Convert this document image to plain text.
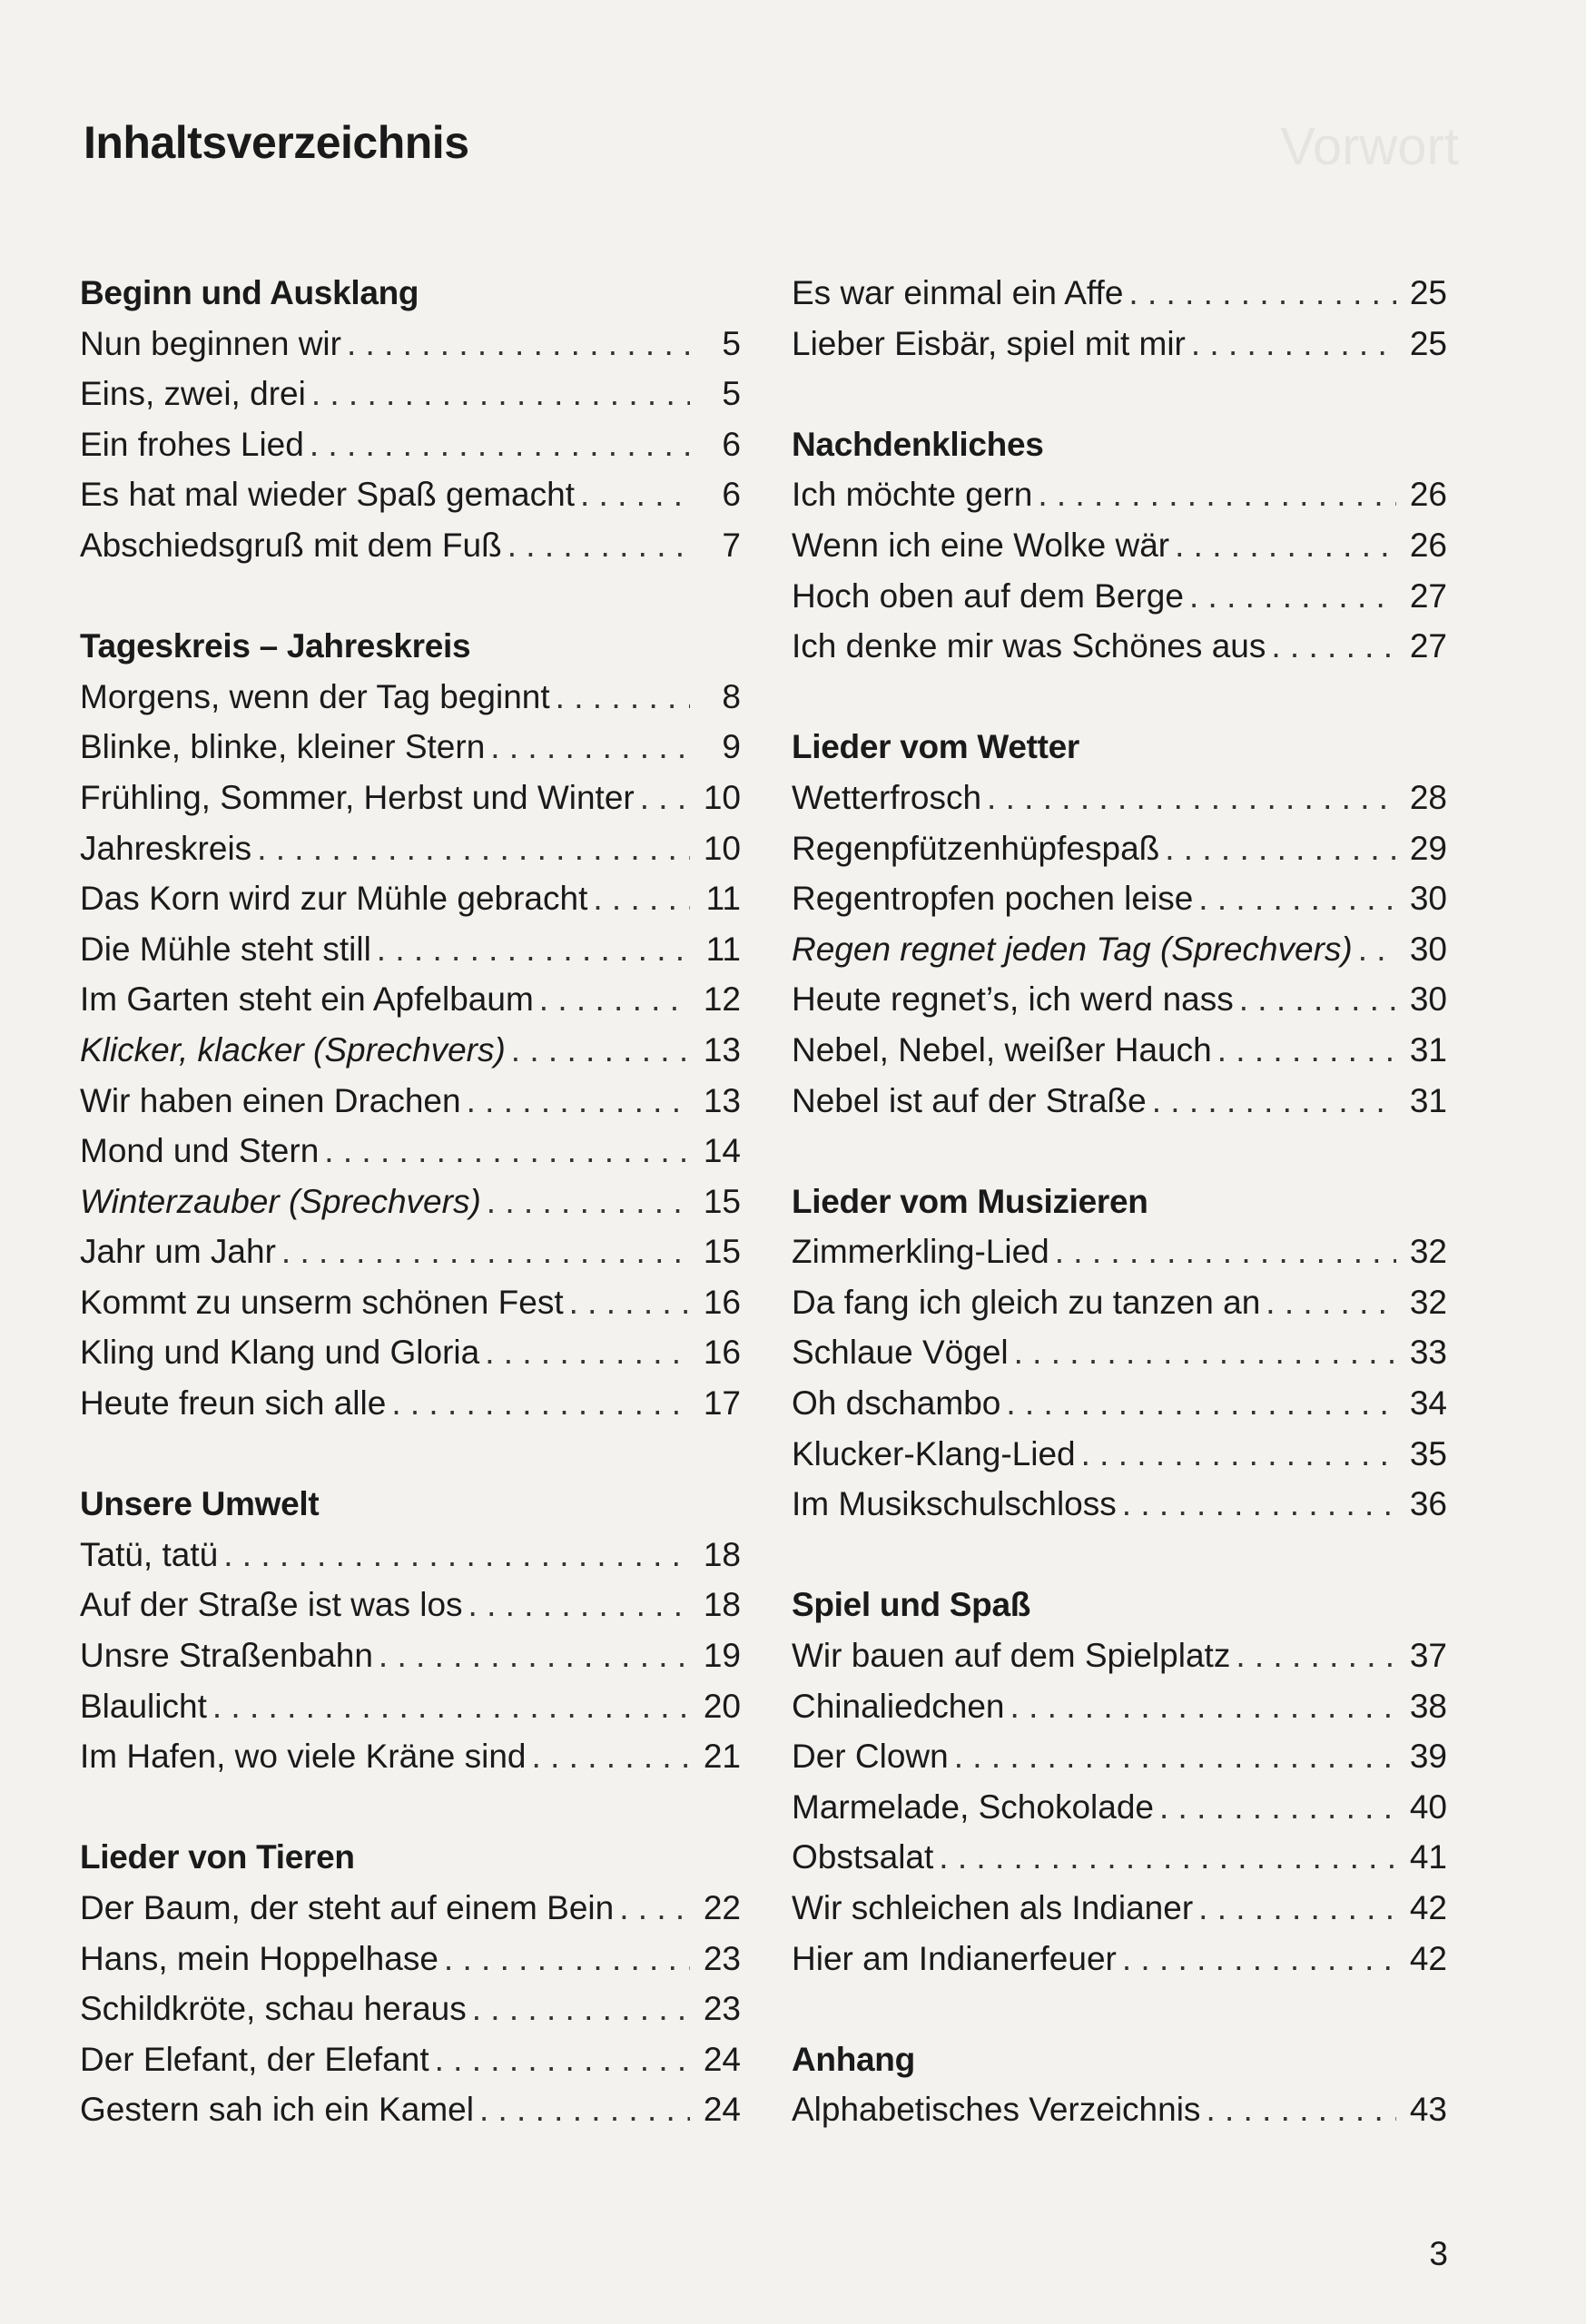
Vorwort
Inhaltsverzeichnis
Beginn und Ausklang
Nun beginnen wir . . .	5
Eins, zwei, drei . . .	5
Ein frohes Lied . . .	6
Es hat mal wieder Spaß gemacht . . .	6
Abschiedsgruß mit dem Fuß . . .	7
Tageskreis – Jahreskreis
Morgens, wenn der Tag beginnt . . .	8
Blinke, blinke, kleiner Stern . . .	9
Frühling, Sommer, Herbst und Winter . . . 10
Jahreskreis . . .	10
Das Korn wird zur Mühle gebracht . . .	11
Die Mühle steht still . . .	11
Im Garten steht ein Apfelbaum . . .	12
Klicker, klacker (Sprechvers) . . .	13
Wir haben einen Drachen . . .	13
Mond und Stern . . .	14
Winterzauber (Sprechvers) . . .	15
Jahr um Jahr . . .	15
Kommt zu unserm schönen Fest . . .	16
Kling und Klang und Gloria . . .	16
Heute freun sich alle . . .	17
Unsere Umwelt
Tatü, tatü . . .	18
Auf der Straße ist was los . . .	18
Unsre Straßenbahn . . .	19
Blaulicht . . .	20
Im Hafen, wo viele Kräne sind . . .	21
Lieder von Tieren
Der Baum, der steht auf einem Bein . . .	22
Hans, mein Hoppelhase . . .	23
Schildkröte, schau heraus . . .	23
Der Elefant, der Elefant . . .	24
Gestern sah ich ein Kamel . . .	24
Es war einmal ein Affe . . .	25
Lieber Eisbär, spiel mit mir . . .	25
Nachdenkliches
Ich möchte gern . . .	26
Wenn ich eine Wolke wär . . .	26
Hoch oben auf dem Berge . . .	27
Ich denke mir was Schönes aus . . .	27
Lieder vom Wetter
Wetterfrosch . . .	28
Regenpfützenhüpfespaß . . .	29
Regentropfen pochen leise . . .	30
Regen regnet jeden Tag (Sprechvers) . . . 30
Heute regnet’s, ich werd nass . . .	30
Nebel, Nebel, weißer Hauch . . .	31
Nebel ist auf der Straße . . .	31
Lieder vom Musizieren
Zimmerkling-Lied . . .	32
Da fang ich gleich zu tanzen an . . .	32
Schlaue Vögel . . .	33
Oh dschambo . . .	34
Klucker-Klang-Lied . . .	35
Im Musikschulschloss . . .	36
Spiel und Spaß
Wir bauen auf dem Spielplatz . . .	37
Chinaliedchen . . .	38
Der Clown . . .	39
Marmelade, Schokolade . . .	40
Obstsalat . . .	41
Wir schleichen als Indianer . . .	42
Hier am Indianerfeuer . . .	42
Anhang
Alphabetisches Verzeichnis . . .	43
3
